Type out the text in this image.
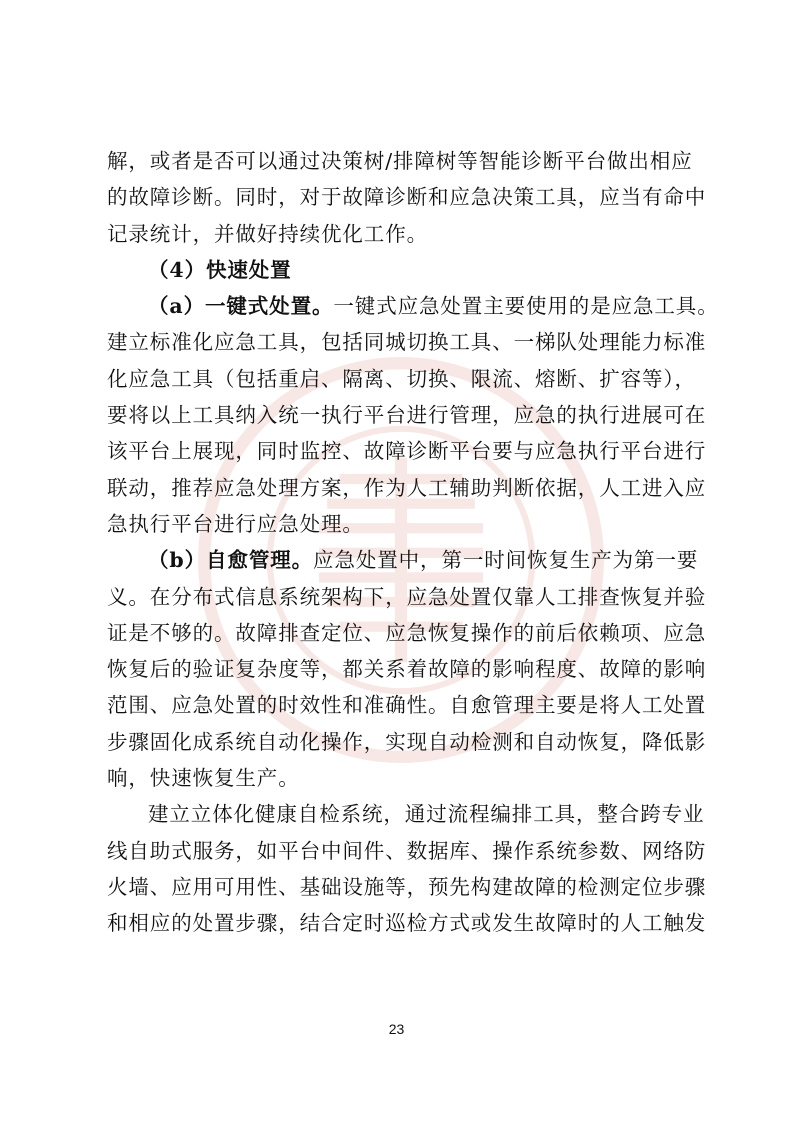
解，或者是否可以通过决策树/排障树等智能诊断平台做出相应
的故障诊断。同时，对于故障诊断和应急决策工具，应当有命中
记录统计，并做好持续优化工作。
（4）快速处置
（a）一键式处置。一键式应急处置主要使用的是应急工具。
建立标准化应急工具，包括同城切换工具、一梯队处理能力标准
化应急工具（包括重启、隔离、切换、限流、熔断、扩容等），
要将以上工具纳入统一执行平台进行管理，应急的执行进展可在
该平台上展现，同时监控、故障诊断平台要与应急执行平台进行
联动，推荐应急处理方案，作为人工辅助判断依据，人工进入应
急执行平台进行应急处理。
（b）自愈管理。应急处置中，第一时间恢复生产为第一要
义。在分布式信息系统架构下，应急处置仅靠人工排查恢复并验
证是不够的。故障排查定位、应急恢复操作的前后依赖项、应急
恢复后的验证复杂度等，都关系着故障的影响程度、故障的影响
范围、应急处置的时效性和准确性。自愈管理主要是将人工处置
步骤固化成系统自动化操作，实现自动检测和自动恢复，降低影
响，快速恢复生产。
建立立体化健康自检系统，通过流程编排工具，整合跨专业
线自助式服务，如平台中间件、数据库、操作系统参数、网络防
火墙、应用可用性、基础设施等，预先构建故障的检测定位步骤
和相应的处置步骤，结合定时巡检方式或发生故障时的人工触发
23
